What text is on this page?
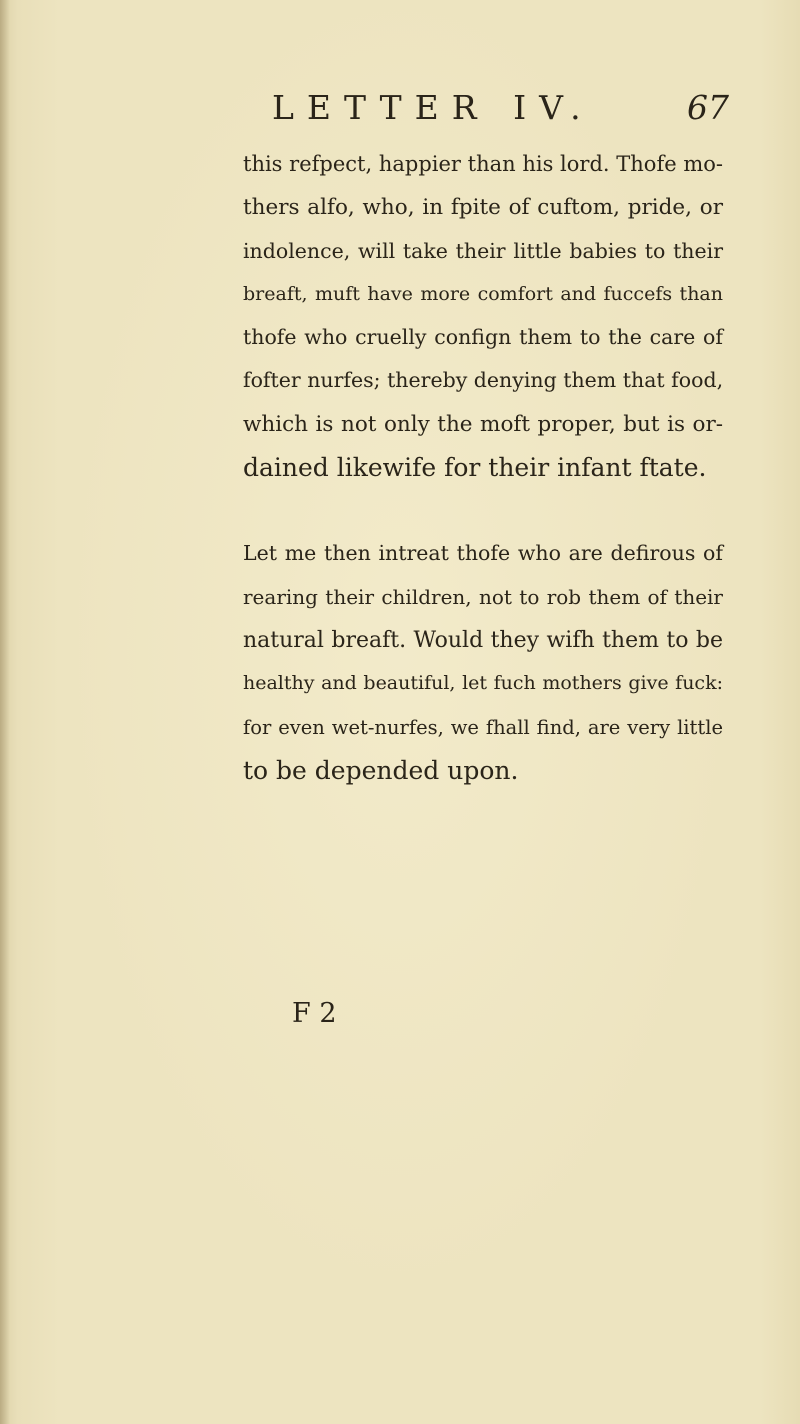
LETTER IV.	67
this refpect, happier than his lord. Thofe mo-
thers alfo, who, in fpite of cuftom, pride, or
indolence, will take their little babies to their
breaft, muft have more comfort and fuccefs than
thofe who cruelly confign them to the care of
fofter nurfes; thereby denying them that food,
which is not only the moft proper, but is or-
dained likewife for their infant ftate.
Let me then intreat thofe who are defirous of
rearing their children, not to rob them of their
natural breaft. Would they wifh them to be
healthy and beautiful, let fuch mothers give fuck:
for even wet-nurfes, we fhall find, are very little
to be depended upon.
F 2
